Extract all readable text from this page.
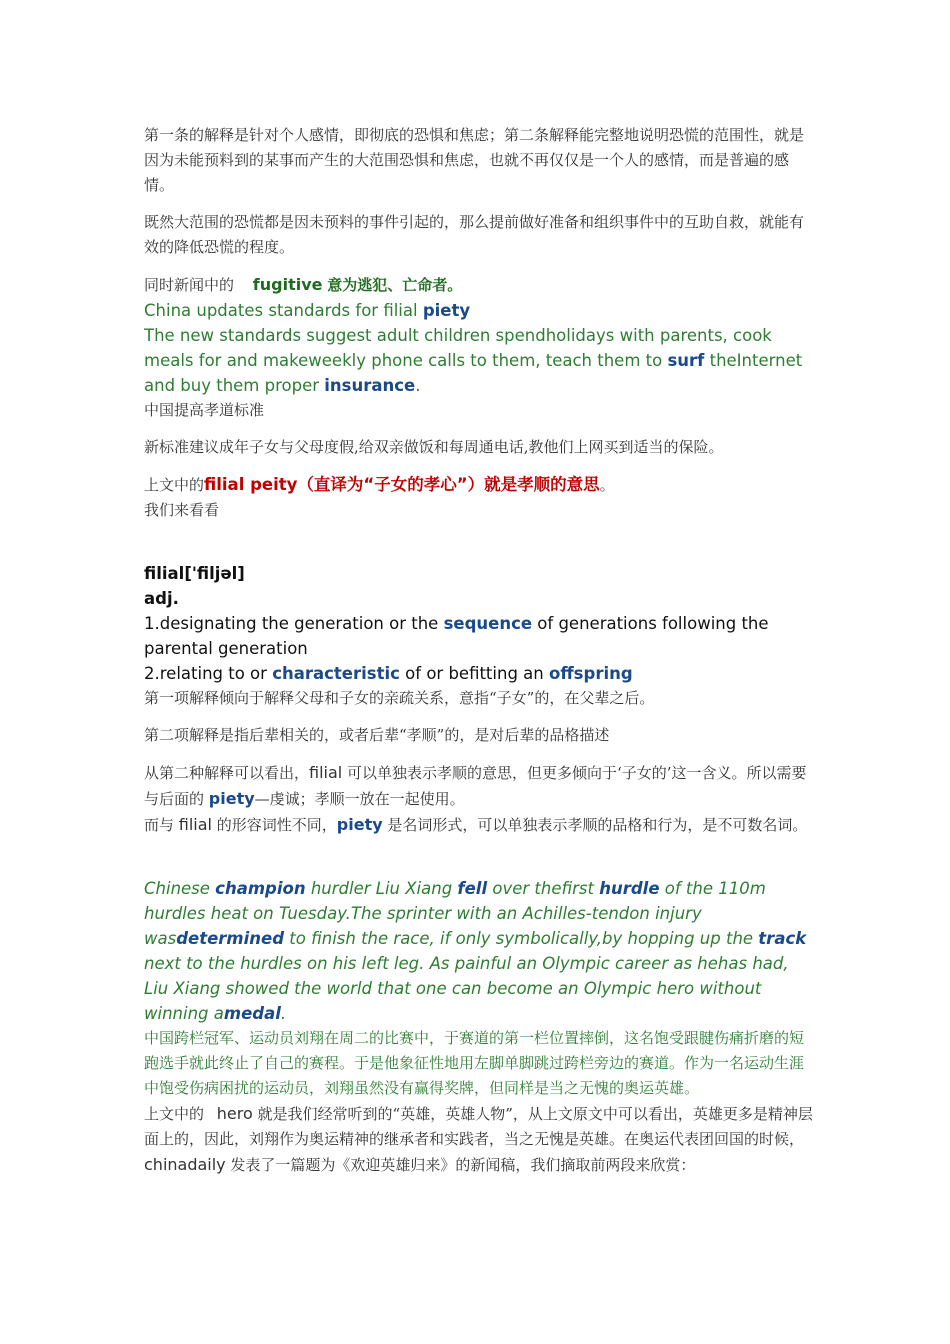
第一条的解释是针对个人感情，即彻底的恐惧和焦虑；第二条解释能完整地说明恐慌的范围性，就是因为未能预料到的某事而产生的大范围恐惧和焦虑，也就不再仅仅是一个人的感情，而是普遍的感情。

既然大范围的恐慌都是因未预料的事件引起的，那么提前做好准备和组织事件中的互助自救，就能有效的降低恐慌的程度。

同时新闻中的 fugitive 意为逃犯、亡命者。

China updates standards for filial piety

The new standards suggest adult children spendholidays with parents, cook meals for and makeweekly phone calls to them, teach them to surf theInternet and buy them proper insurance.

中国提高孝道标准

新标准建议成年子女与父母度假,给双亲做饭和每周通电话,教他们上网买到适当的保险。

上文中的filial peity（直译为“子女的孝心”）就是孝顺的意思。

我们来看看

filial['filjəl]

adj.

1.designating the generation or the sequence of generations following the parental generation

2.relating to or characteristic of or befitting an offspring

第一项解释倾向于解释父母和子女的亲疏关系，意指“子女”的，在父辈之后。

第二项解释是指后辈相关的，或者后辈“孝顺”的，是对后辈的品格描述

从第二种解释可以看出，filial 可以单独表示孝顺的意思，但更多倾向于‘子女的’这一含义。所以需要与后面的 piety—虔诚；孝顺一放在一起使用。

而与 filial 的形容词性不同，piety 是名词形式，可以单独表示孝顺的品格和行为，是不可数名词。

Chinese champion hurdler Liu Xiang fell over thefirst hurdle of the 110m hurdles heat on Tuesday.The sprinter with an Achilles-tendon injury wasdetermined to finish the race, if only symbolically,by hopping up the track next to the hurdles on his left leg. As painful an Olympic career as hehas had, Liu Xiang showed the world that one can become an Olympic hero without winning amedal.

中国跨栏冠军、运动员刘翔在周二的比赛中，于赛道的第一栏位置摔倒，这名饱受跟腱伤痛折磨的短跑选手就此终止了自己的赛程。于是他象征性地用左脚单脚跳过跨栏旁边的赛道。作为一名运动生涯中饱受伤病困扰的运动员，刘翔虽然没有赢得奖牌，但同样是当之无愧的奥运英雄。

上文中的 hero 就是我们经常听到的“英雄，英雄人物”，从上文原文中可以看出，英雄更多是精神层面上的，因此，刘翔作为奥运精神的继承者和实践者，当之无愧是英雄。在奥运代表团回国的时候，chinadaily 发表了一篇题为《欢迎英雄归来》的新闻稿，我们摘取前两段来欣赏：
